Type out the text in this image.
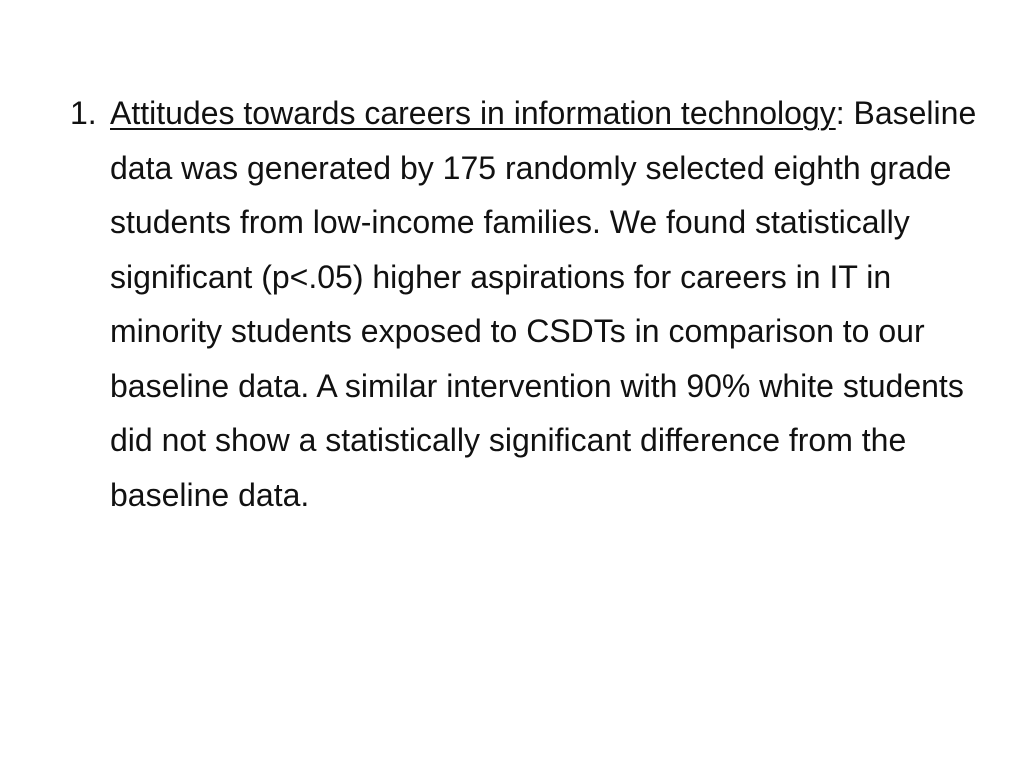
1. Attitudes towards careers in information technology: Baseline data was generated by 175 randomly selected eighth grade students from low-income families. We found statistically significant (p<.05) higher aspirations for careers in IT in minority students exposed to CSDTs in comparison to our baseline data. A similar intervention with 90% white students did not show a statistically significant difference from the baseline data.
